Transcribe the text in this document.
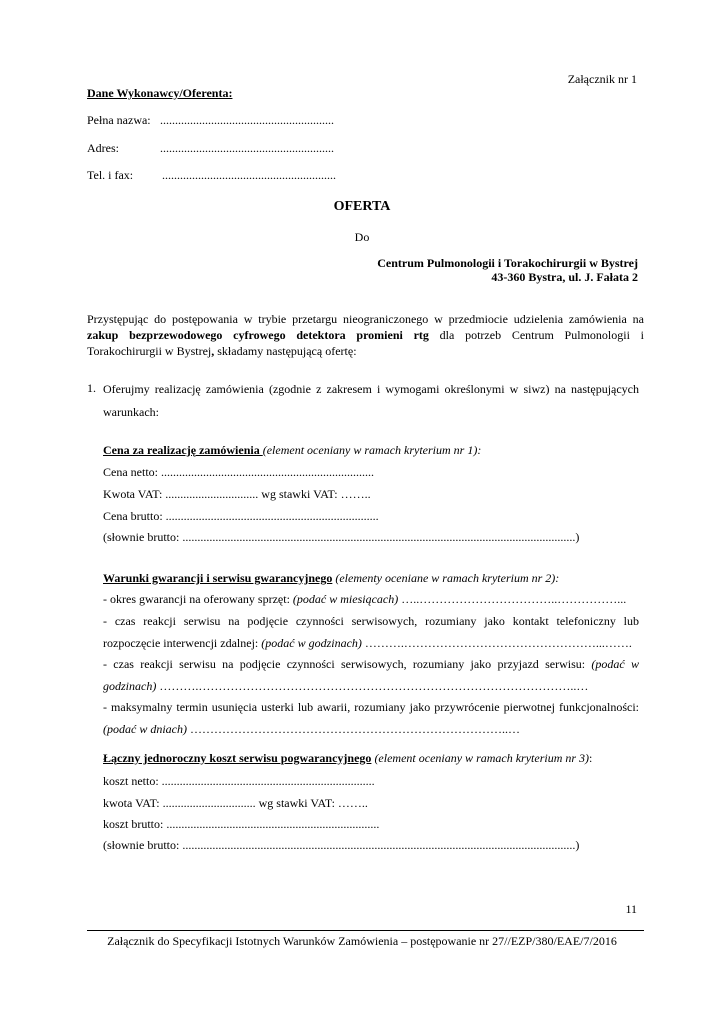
Załącznik nr 1
Dane Wykonawcy/Oferenta:
Pełna nazwa: ..........................................................
Adres:	..........................................................
Tel. i fax: ..........................................................
OFERTA
Do
Centrum Pulmonologii i Torakochirurgii w Bystrej
43-360 Bystra, ul. J. Fałata 2
Przystępując do postępowania w trybie przetargu nieograniczonego w przedmiocie udzielenia zamówienia na zakup bezprzewodowego cyfrowego detektora promieni rtg dla potrzeb Centrum Pulmonologii i Torakochirurgii w Bystrej, składamy następującą ofertę:
1. Oferujmy realizację zamówienia (zgodnie z zakresem i wymogami określonymi w siwz) na następujących warunkach:
Cena za realizację zamówienia (element oceniany w ramach kryterium nr 1):
Cena netto: .......................................................................
Kwota VAT: ............................... wg stawki VAT: ……..
Cena brutto: .......................................................................
(słownie brutto: ...................................................................................................................................)
Warunki gwarancji i serwisu gwarancyjnego (elementy oceniane w ramach kryterium nr 2):
- okres gwarancji na oferowany sprzęt: (podać w miesiącach) …..……………………………..……………...
- czas reakcji serwisu na podjęcie czynności serwisowych, rozumiany jako kontakt telefoniczny lub rozpoczęcie interwencji zdalnej: (podać w godzinach) ……….…………………………………………...…….
- czas reakcji serwisu na podjęcie czynności serwisowych, rozumiany jako przyjazd serwisu: (podać w godzinach) ……….…………………………………………………………………………………..…
- maksymalny termin usunięcia usterki lub awarii, rozumiany jako przywrócenie pierwotnej funkcjonalności: (podać w dniach) ……………………………………………………………………..…
Łączny jednoroczny koszt serwisu pogwarancyjnego (element oceniany w ramach kryterium nr 3):
koszt netto: .......................................................................
kwota VAT: ............................... wg stawki VAT: ……..
koszt brutto: .......................................................................
(słownie brutto: ...................................................................................................................................)
11
Załącznik do Specyfikacji Istotnych Warunków Zamówienia – postępowanie nr 27//EZP/380/EAE/7/2016
